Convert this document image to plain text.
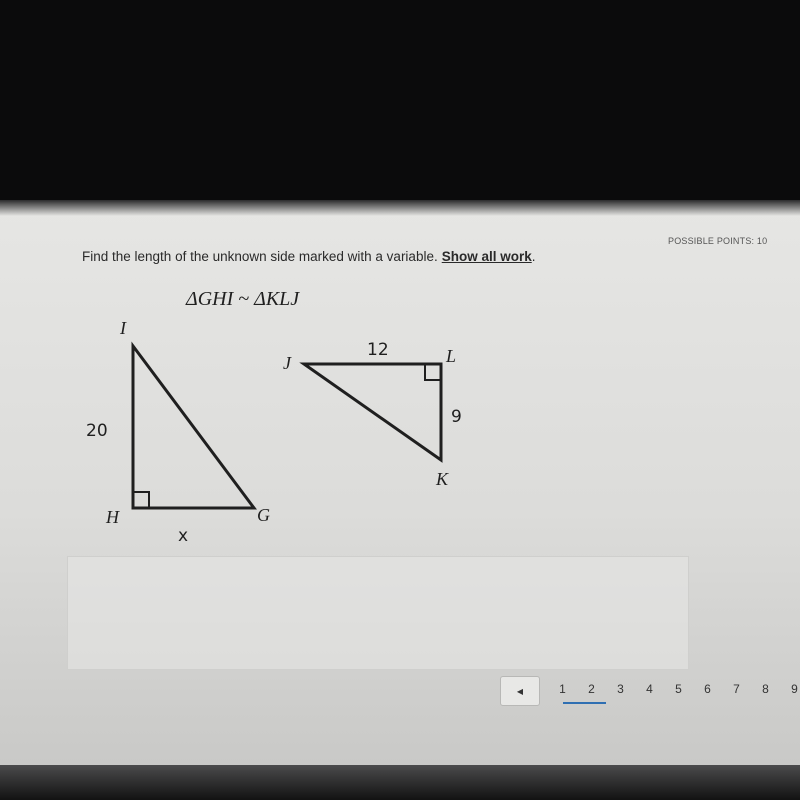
POSSIBLE POINTS: 10
Find the length of the unknown side marked with a variable. Show all work.
ΔGHI ~ ΔKLJ
I
H	G
20
x
J	L
K
12
9
◀	1	2	3	4	5	6	7	8	9
